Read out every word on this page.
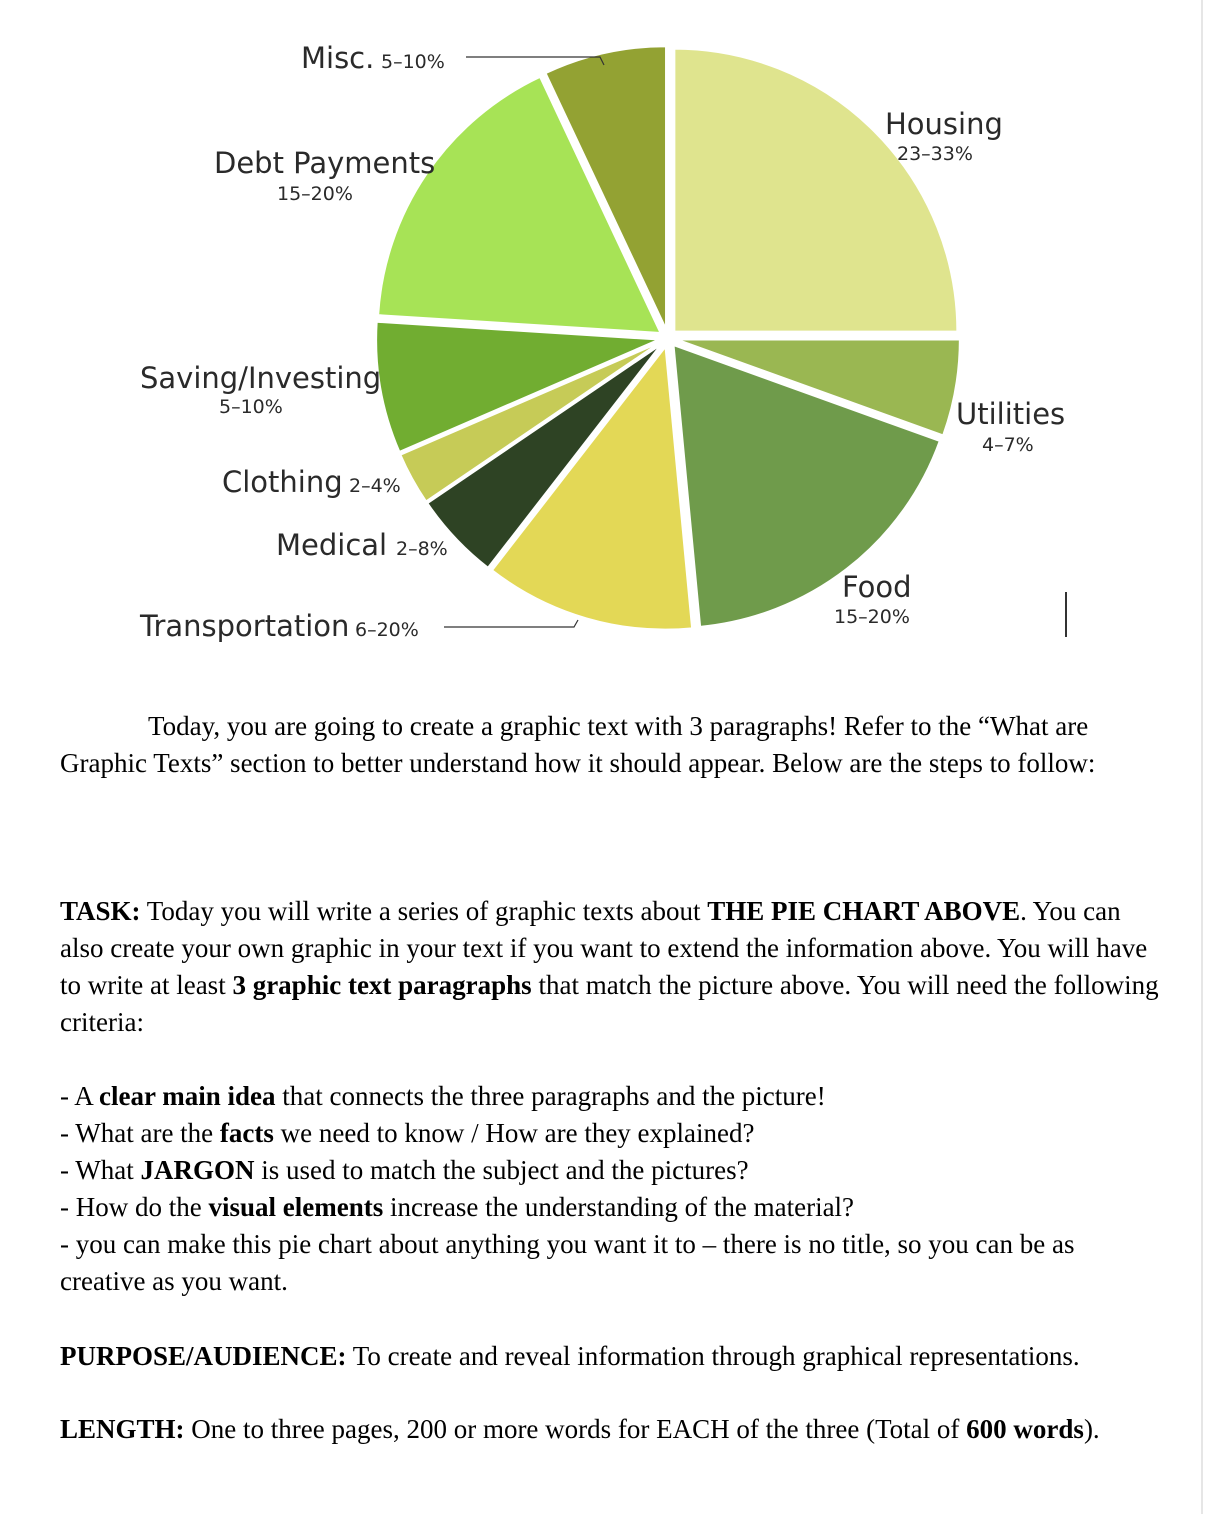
Housing
23–33%
Utilities
4–7%
Food
15–20%
Transportation 6–20%
Medical 2–8%
Clothing 2–4%
Saving/Investing
5–10%
Debt Payments
15–20%
Misc. 5–10%

Today, you are going to create a graphic text with 3 paragraphs! Refer to the “What are Graphic Texts” section to better understand how it should appear. Below are the steps to follow:

TASK: Today you will write a series of graphic texts about THE PIE CHART ABOVE. You can also create your own graphic in your text if you want to extend the information above. You will have to write at least 3 graphic text paragraphs that match the picture above. You will need the following criteria:

- A clear main idea that connects the three paragraphs and the picture!

- What are the facts we need to know / How are they explained?

- What JARGON is used to match the subject and the pictures?

- How do the visual elements increase the understanding of the material?

- you can make this pie chart about anything you want it to – there is no title, so you can be as creative as you want.

PURPOSE/AUDIENCE: To create and reveal information through graphical representations.

LENGTH: One to three pages, 200 or more words for EACH of the three (Total of 600 words).
